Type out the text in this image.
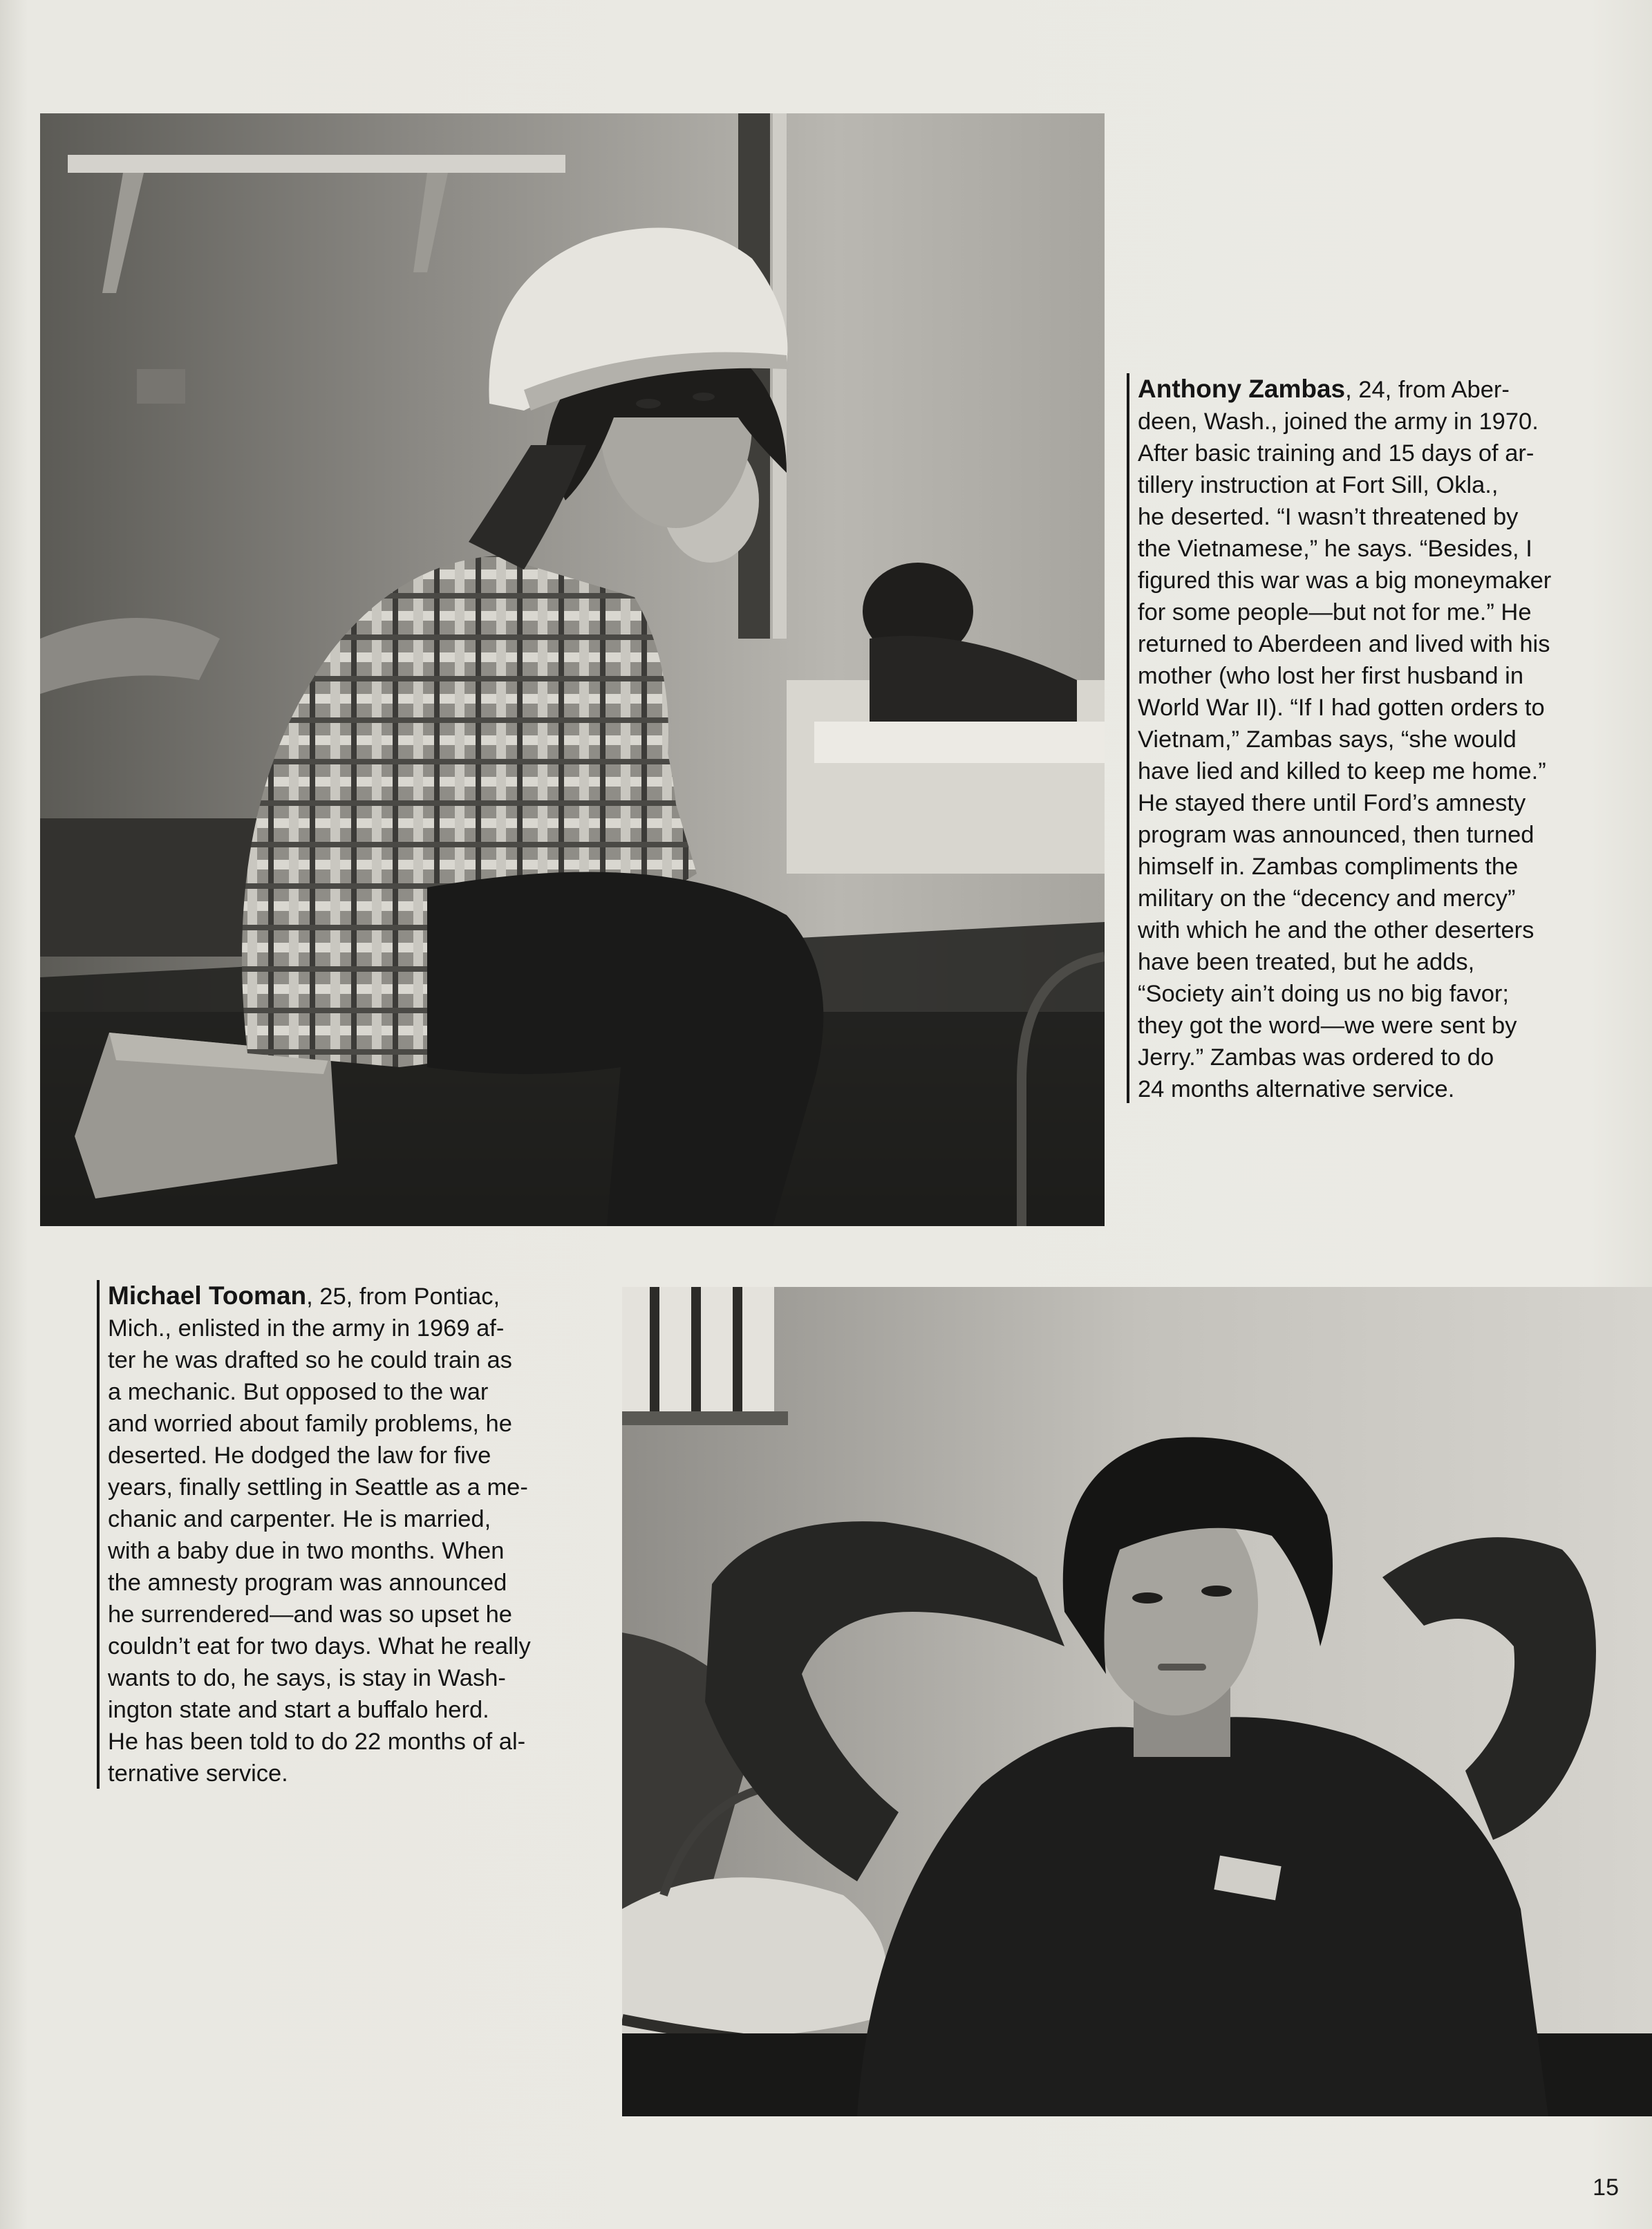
Anthony Zambas, 24, from Aber-
deen, Wash., joined the army in 1970.
After basic training and 15 days of ar-
tillery instruction at Fort Sill, Okla.,
he deserted. “I wasn’t threatened by
the Vietnamese,” he says. “Besides, I
figured this war was a big moneymaker
for some people—but not for me.” He
returned to Aberdeen and lived with his
mother (who lost her first husband in
World War II). “If I had gotten orders to
Vietnam,” Zambas says, “she would
have lied and killed to keep me home.”
He stayed there until Ford’s amnesty
program was announced, then turned
himself in. Zambas compliments the
military on the “decency and mercy”
with which he and the other deserters
have been treated, but he adds,
“Society ain’t doing us no big favor;
they got the word—we were sent by
Jerry.” Zambas was ordered to do
24 months alternative service.
Michael Tooman, 25, from Pontiac,
Mich., enlisted in the army in 1969 af-
ter he was drafted so he could train as
a mechanic. But opposed to the war
and worried about family problems, he
deserted. He dodged the law for five
years, finally settling in Seattle as a me-
chanic and carpenter. He is married,
with a baby due in two months. When
the amnesty program was announced
he surrendered—and was so upset he
couldn’t eat for two days. What he really
wants to do, he says, is stay in Wash-
ington state and start a buffalo herd.
He has been told to do 22 months of al-
ternative service.
15
